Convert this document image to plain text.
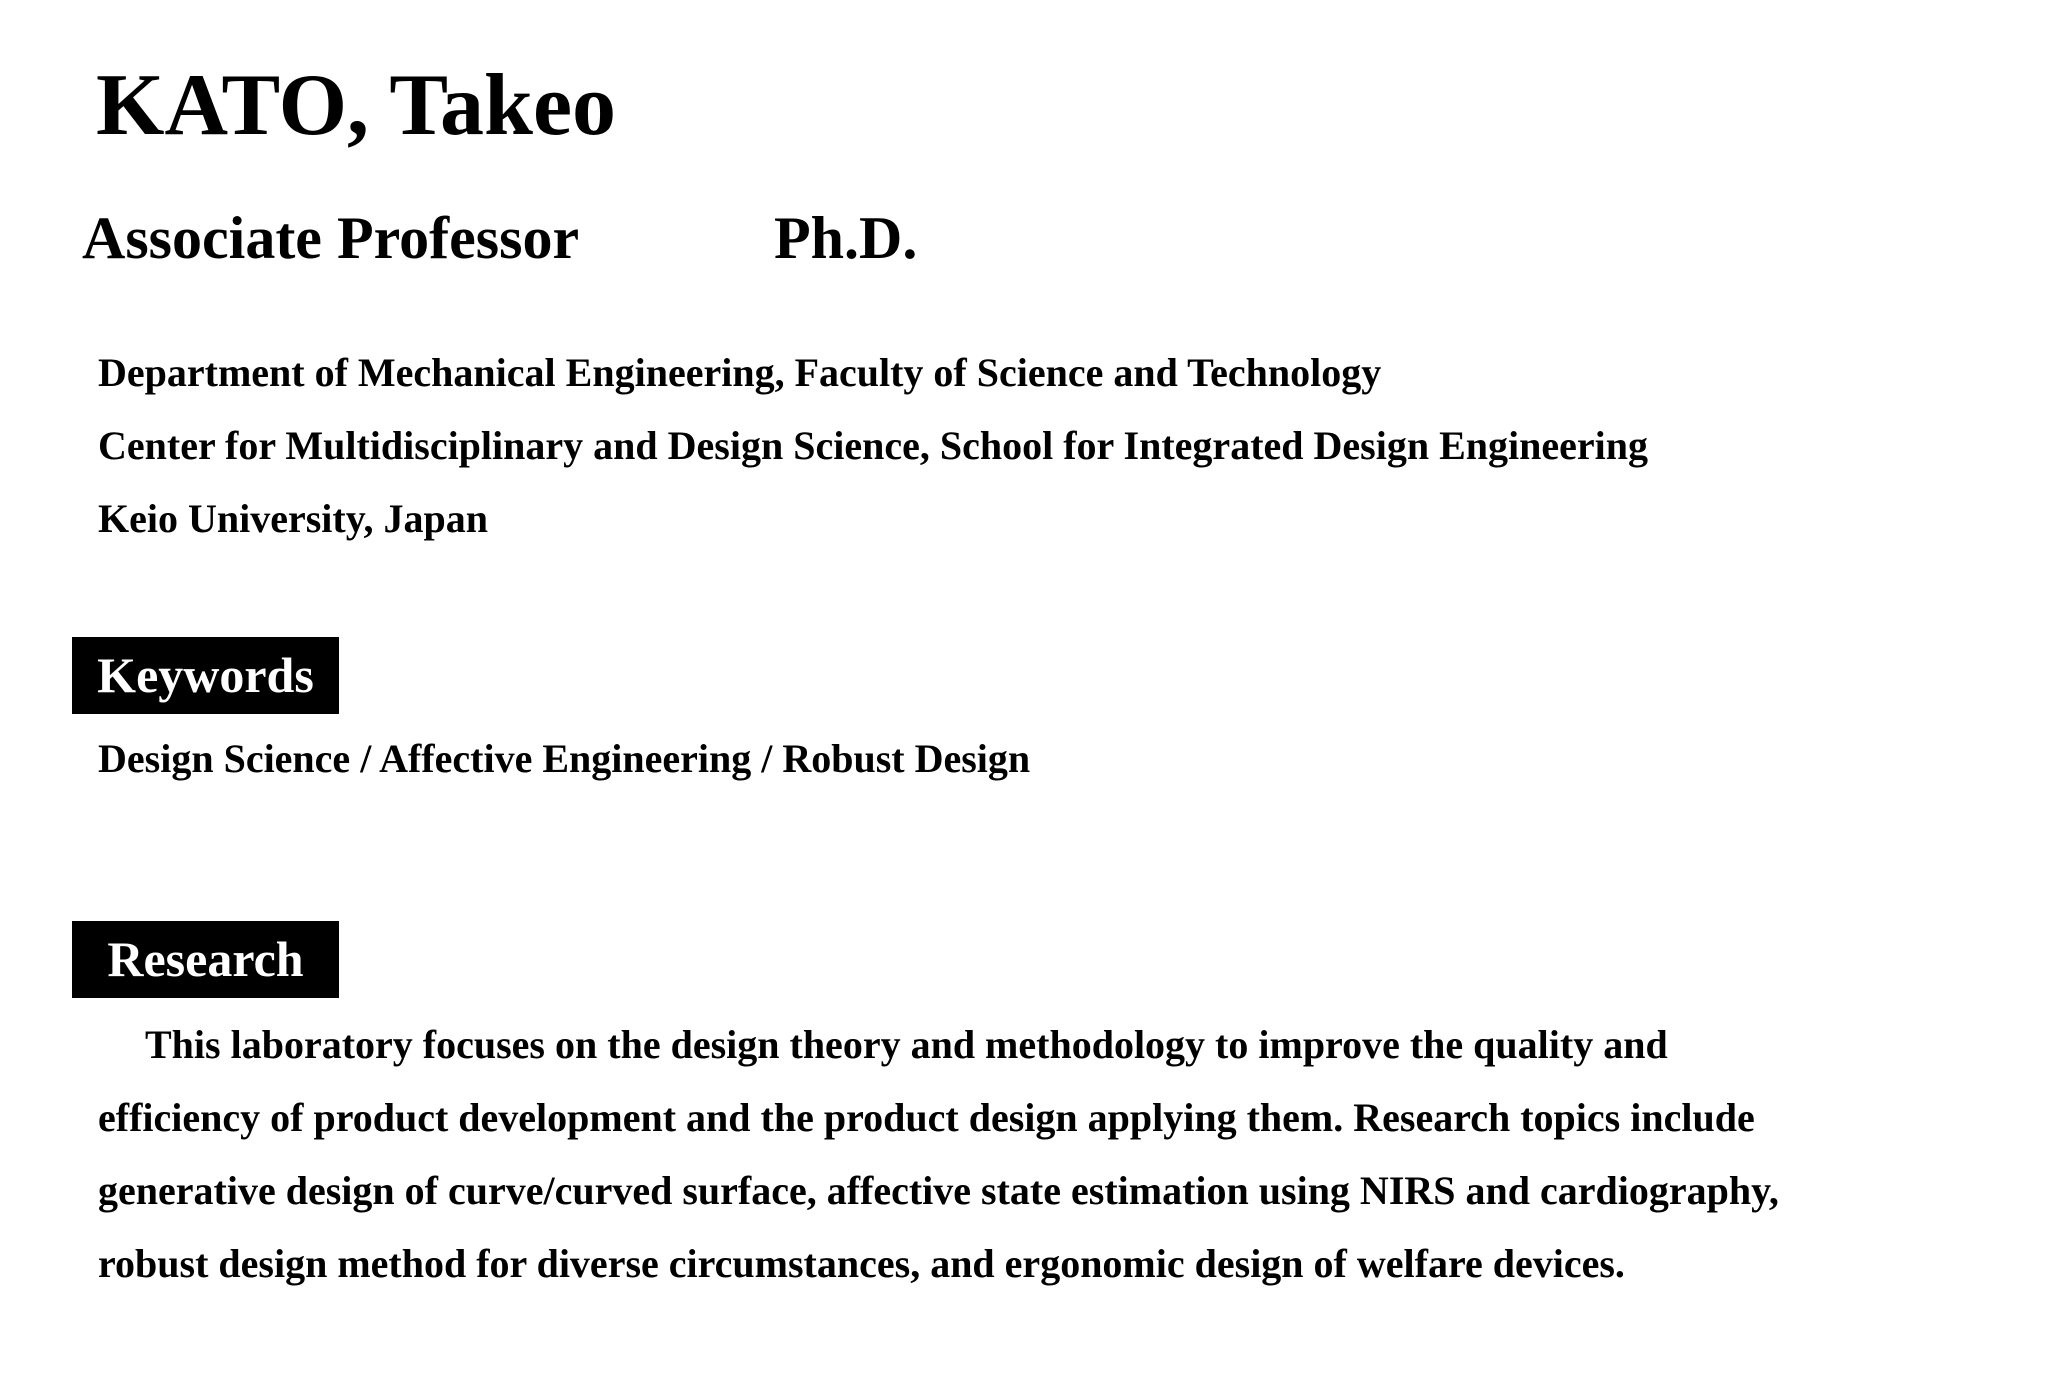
KATO, Takeo
Associate Professor	Ph.D.
Department of Mechanical Engineering, Faculty of Science and Technology
Center for Multidisciplinary and Design Science, School for Integrated Design Engineering
Keio University, Japan
Keywords
Design Science / Affective Engineering / Robust Design
Research
This laboratory focuses on the design theory and methodology to improve the quality and
efficiency of product development and the product design applying them. Research topics include
generative design of curve/curved surface, affective state estimation using NIRS and cardiography,
robust design method for diverse circumstances, and ergonomic design of welfare devices.
